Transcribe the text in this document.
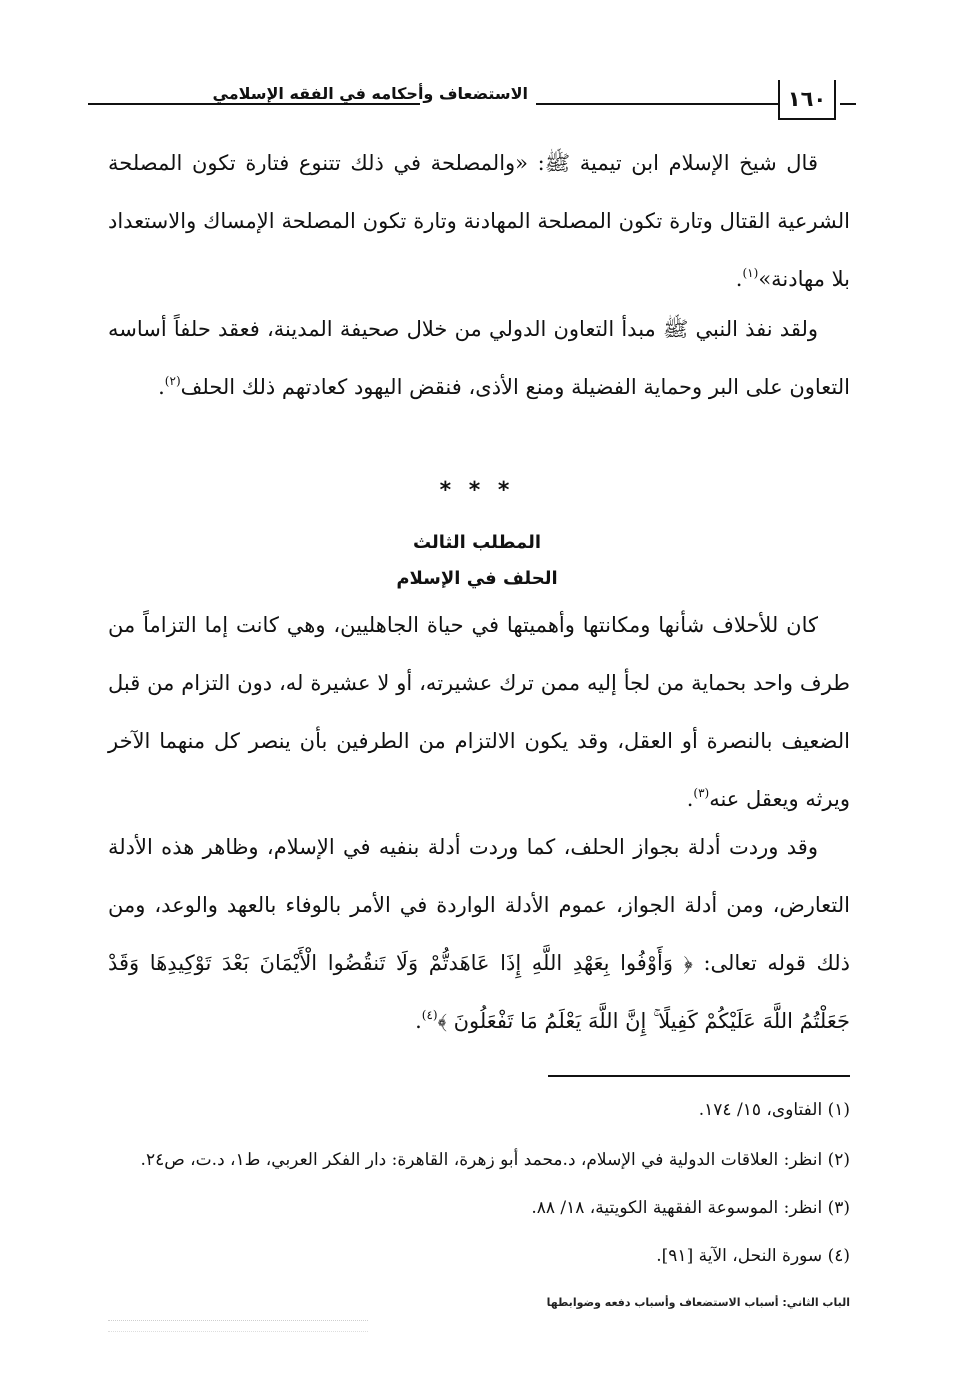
الاستضعاف وأحكامه في الفقه الإسلامي	١٦٠

قال شيخ الإسلام ابن تيمية ﷺ: «والمصلحة في ذلك تتنوع فتارة تكون المصلحة الشرعية القتال وتارة تكون المصلحة المهادنة وتارة تكون المصلحة الإمساك والاستعداد بلا مهادنة»$^{(١)}$.

ولقد نفذ النبي ﷺ مبدأ التعاون الدولي من خلال صحيفة المدينة، فعقد حلفاً أساسه التعاون على البر وحماية الفضيلة ومنع الأذى، فنقض اليهود كعادتهم ذلك الحلف$^{(٢)}$.

* * *
المطلب الثالث
الحلف في الإسلام

كان للأحلاف شأنها ومكانتها وأهميتها في حياة الجاهليين، وهي كانت إما التزاماً من طرف واحد بحماية من لجأ إليه ممن ترك عشيرته، أو لا عشيرة له، دون التزام من قبل الضعيف بالنصرة أو العقل، وقد يكون الالتزام من الطرفين بأن ينصر كل منهما الآخر ويرثه ويعقل عنه$^{(٣)}$.

وقد وردت أدلة بجواز الحلف، كما وردت أدلة بنفيه في الإسلام، وظاهر هذه الأدلة التعارض، ومن أدلة الجواز، عموم الأدلة الواردة في الأمر بالوفاء بالعهد والوعد، ومن ذلك قوله تعالى: ﴿ وَأَوْفُوا بِعَهْدِ اللَّهِ إِذَا عَاهَدتُّمْ وَلَا تَنقُضُوا الْأَيْمَانَ بَعْدَ تَوْكِيدِهَا وَقَدْ جَعَلْتُمُ اللَّهَ عَلَيْكُمْ كَفِيلًا ۚ إِنَّ اللَّهَ يَعْلَمُ مَا تَفْعَلُونَ ﴾$^{(٤)}$.

(١) الفتاوى، ١٥/ ١٧٤.

(٢) انظر: العلاقات الدولية في الإسلام، د.محمد أبو زهرة، القاهرة: دار الفكر العربي، ط١، د.ت، ص٢٤.

(٣) انظر: الموسوعة الفقهية الكويتية، ١٨/ ٨٨.

(٤) سورة النحل، الآية [٩١].

الباب الثاني: أسباب الاستضعاف وأسباب دفعه وضوابطها
